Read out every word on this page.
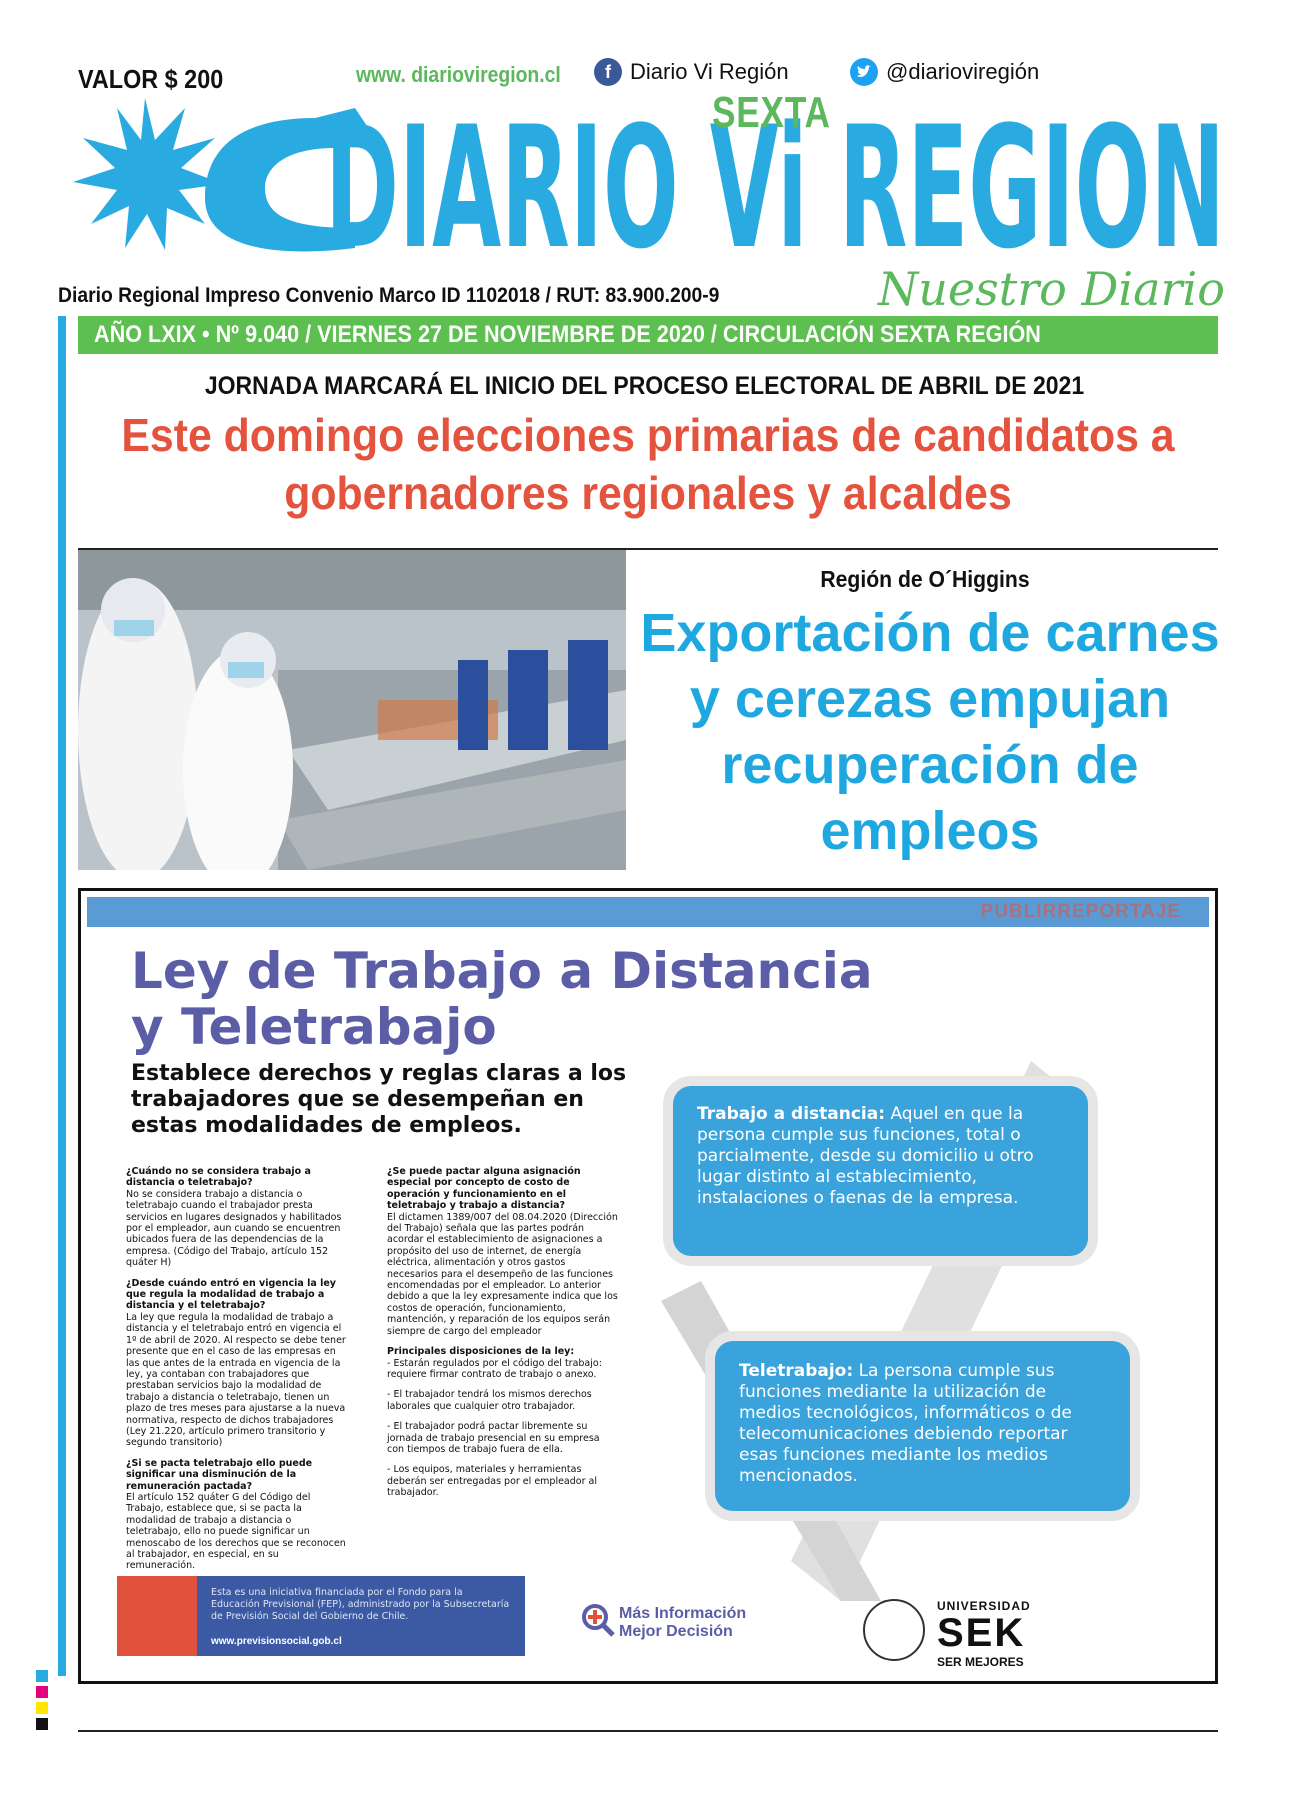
VALOR $ 200	www. diarioviregion.cl	f Diario Vi Región	@diarioviregión
DIARIO Vi REGION
SEXTA
Nuestro Diario
Diario Regional Impreso Convenio Marco ID 1102018 / RUT: 83.900.200-9
AÑO LXIX • Nº 9.040 / VIERNES 27 DE NOVIEMBRE DE 2020 / CIRCULACIÓN SEXTA REGIÓN
JORNADA MARCARÁ EL INICIO DEL PROCESO ELECTORAL DE ABRIL DE 2021
Este domingo elecciones primarias de candidatos a gobernadores regionales y alcaldes
Región de O´Higgins
Exportación de carnes y cerezas empujan recuperación de empleos
PUBLIRREPORTAJE
Ley de Trabajo a Distancia
y Teletrabajo
Establece derechos y reglas claras a los trabajadores que se desempeñan en estas modalidades de empleos.

¿Cuándo no se considera trabajo a distancia o teletrabajo?
No se considera trabajo a distancia o teletrabajo cuando el trabajador presta servicios en lugares designados y habilitados por el empleador, aun cuando se encuentren ubicados fuera de las dependencias de la empresa. (Código del Trabajo, artículo 152 quáter H)

¿Desde cuándo entró en vigencia la ley que regula la modalidad de trabajo a distancia y el teletrabajo?
La ley que regula la modalidad de trabajo a distancia y el teletrabajo entró en vigencia el 1º de abril de 2020. Al respecto se debe tener presente que en el caso de las empresas en las que antes de la entrada en vigencia de la ley, ya contaban con trabajadores que prestaban servicios bajo la modalidad de trabajo a distancia o teletrabajo, tienen un plazo de tres meses para ajustarse a la nueva normativa, respecto de dichos trabajadores (Ley 21.220, artículo primero transitorio y segundo transitorio)

¿Si se pacta teletrabajo ello puede significar una disminución de la remuneración pactada?
El artículo 152 quáter G del Código del Trabajo, establece que, si se pacta la modalidad de trabajo a distancia o teletrabajo, ello no puede significar un menoscabo de los derechos que se reconocen al trabajador, en especial, en su remuneración.

¿Se puede pactar alguna asignación especial por concepto de costo de operación y funcionamiento en el teletrabajo y trabajo a distancia?
El dictamen 1389/007 del 08.04.2020 (Dirección del Trabajo) señala que las partes podrán acordar el establecimiento de asignaciones a propósito del uso de internet, de energía eléctrica, alimentación y otros gastos necesarios para el desempeño de las funciones encomendadas por el empleador. Lo anterior debido a que la ley expresamente indica que los costos de operación, funcionamiento, mantención, y reparación de los equipos serán siempre de cargo del empleador

Principales disposiciones de la ley:
- Estarán regulados por el código del trabajo: requiere firmar contrato de trabajo o anexo.

- El trabajador tendrá los mismos derechos laborales que cualquier otro trabajador.

- El trabajador podrá pactar libremente su jornada de trabajo presencial en su empresa con tiempos de trabajo fuera de ella.

- Los equipos, materiales y herramientas deberán ser entregadas por el empleador al trabajador.

Trabajo a distancia: Aquel en que la persona cumple sus funciones, total o parcialmente, desde su domicilio u otro lugar distinto al establecimiento, instalaciones o faenas de la empresa.
Teletrabajo: La persona cumple sus funciones mediante la utilización de medios tecnológicos, informáticos o de telecomunicaciones debiendo reportar esas funciones mediante los medios mencionados.
Esta es una iniciativa financiada por el Fondo para la Educación Previsional (FEP), administrado por la Subsecretaría de Previsión Social del Gobierno de Chile.
www.previsionsocial.gob.cl
Más Información
Mejor Decisión
UNIVERSIDAD
SEK
SER MEJORES
